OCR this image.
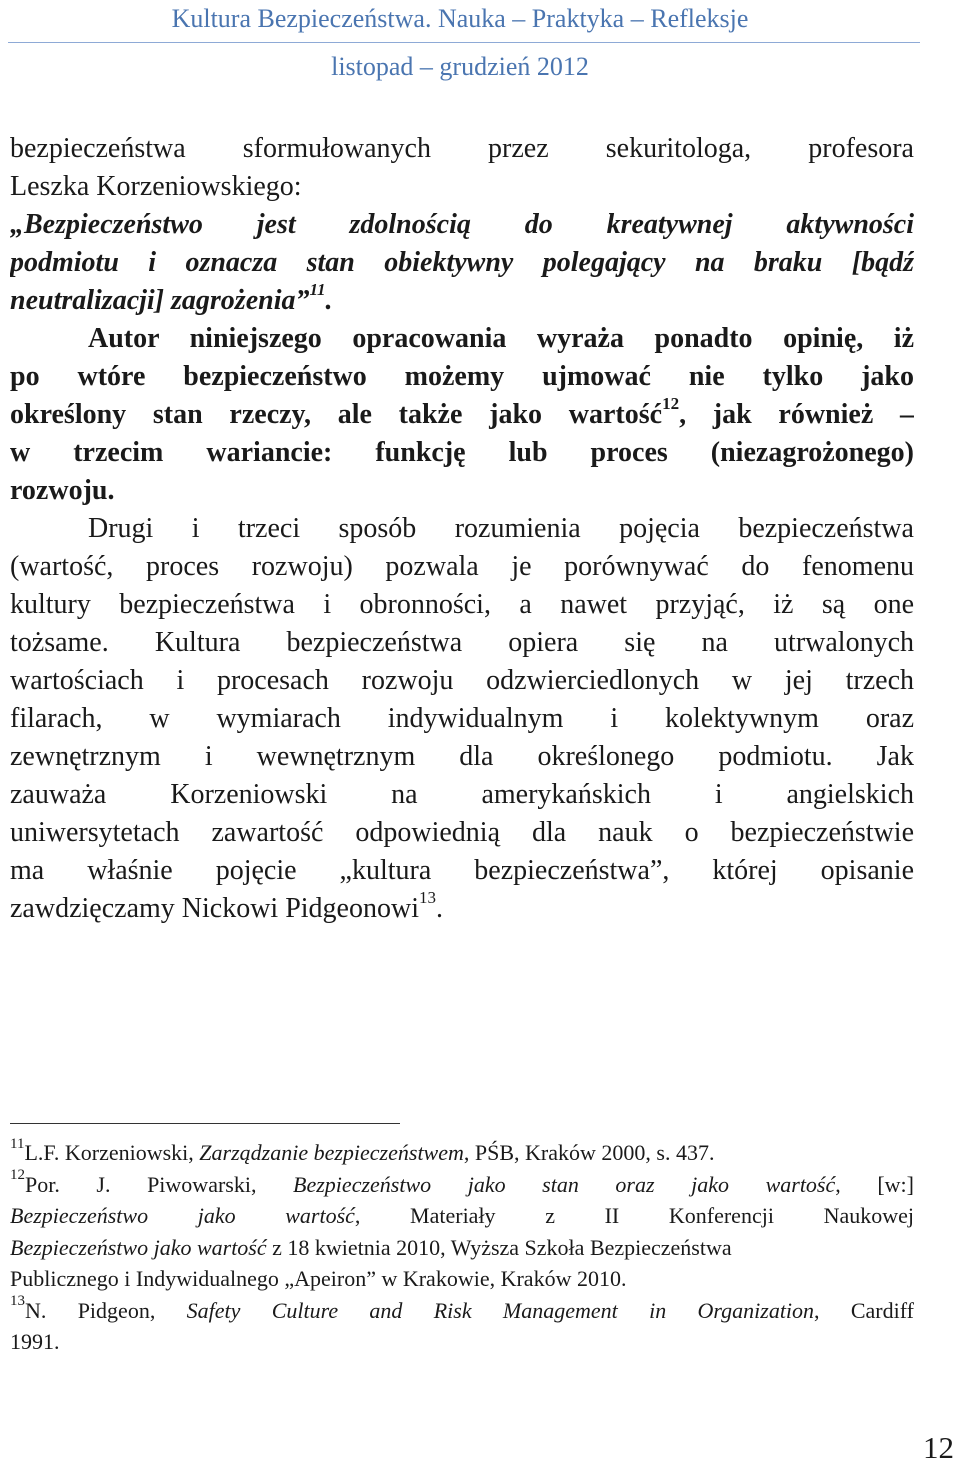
Kultura Bezpieczeństwa. Nauka – Praktyka – Refleksje
listopad – grudzień 2012
bezpieczeństwa sformułowanych przez sekuritologa, profesora
Leszka Korzeniowskiego:
„Bezpieczeństwo jest zdolnością do kreatywnej aktywności
podmiotu i oznacza stan obiektywny polegający na braku [bądź
neutralizacji] zagrożenia”$^{11}$.
Autor niniejszego opracowania wyraża ponadto opinię, iż
po wtóre bezpieczeństwo możemy ujmować nie tylko jako
określony stan rzeczy, ale także jako wartość$^{12}$, jak również –
w trzecim wariancie: funkcję lub proces (niezagrożonego)
rozwoju.
Drugi i trzeci sposób rozumienia pojęcia bezpieczeństwa
(wartość, proces rozwoju) pozwala je porównywać do fenomenu
kultury bezpieczeństwa i obronności, a nawet przyjąć, iż są one
tożsame. Kultura bezpieczeństwa opiera się na utrwalonych
wartościach i procesach rozwoju odzwierciedlonych w jej trzech
filarach, w wymiarach indywidualnym i kolektywnym oraz
zewnętrznym i wewnętrznym dla określonego podmiotu. Jak
zauważa Korzeniowski na amerykańskich i angielskich
uniwersytetach zawartość odpowiednią dla nauk o bezpieczeństwie
ma właśnie pojęcie „kultura bezpieczeństwa”, której opisanie
zawdzięczamy Nickowi Pidgeonowi$^{13}$.
$^{11}$L.F. Korzeniowski, Zarządzanie bezpieczeństwem, PŚB, Kraków 2000, s. 437.
$^{12}$Por. J. Piwowarski, Bezpieczeństwo jako stan oraz jako wartość, [w:]
Bezpieczeństwo jako wartość, Materiały z II Konferencji Naukowej
Bezpieczeństwo jako wartość z 18 kwietnia 2010, Wyższa Szkoła Bezpieczeństwa
Publicznego i Indywidualnego „Apeiron” w Krakowie, Kraków 2010.
$^{13}$N. Pidgeon, Safety Culture and Risk Management in Organization, Cardiff
1991.
12
